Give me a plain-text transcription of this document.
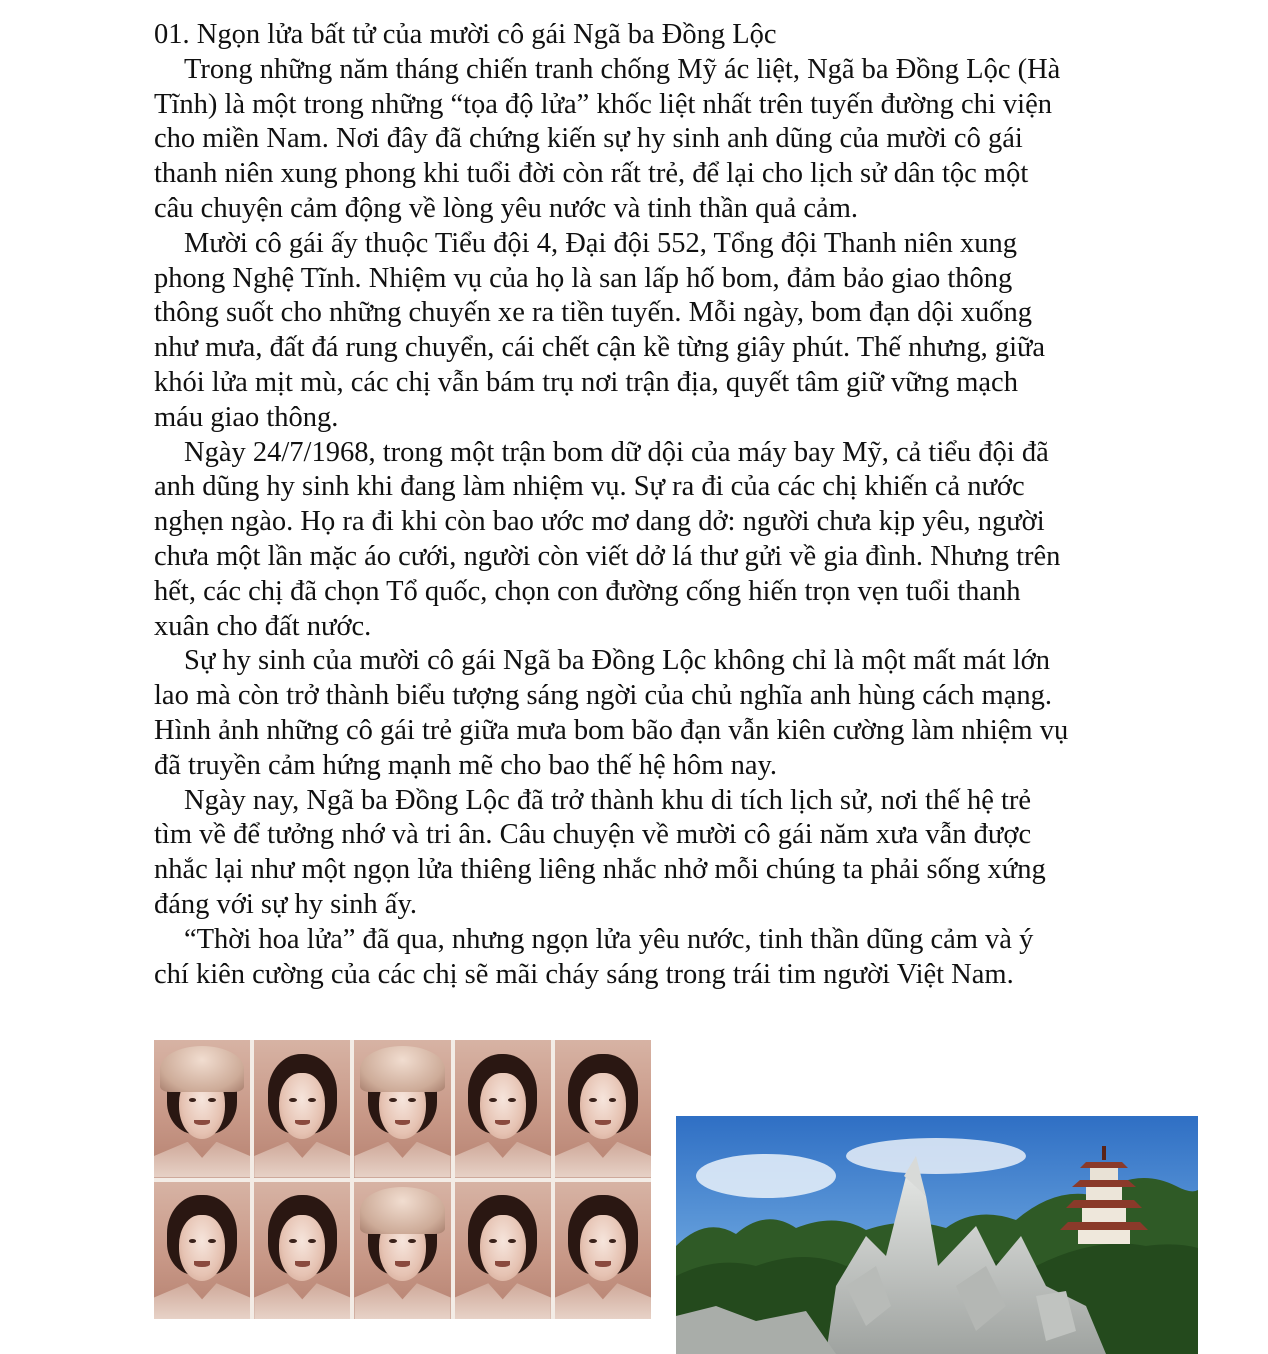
01. Ngọn lửa bất tử của mười cô gái Ngã ba Đồng Lộc

Trong những năm tháng chiến tranh chống Mỹ ác liệt, Ngã ba Đồng Lộc (Hà
Tĩnh) là một trong những “tọa độ lửa” khốc liệt nhất trên tuyến đường chi viện
cho miền Nam. Nơi đây đã chứng kiến sự hy sinh anh dũng của mười cô gái
thanh niên xung phong khi tuổi đời còn rất trẻ, để lại cho lịch sử dân tộc một
câu chuyện cảm động về lòng yêu nước và tinh thần quả cảm.

Mười cô gái ấy thuộc Tiểu đội 4, Đại đội 552, Tổng đội Thanh niên xung
phong Nghệ Tĩnh. Nhiệm vụ của họ là san lấp hố bom, đảm bảo giao thông
thông suốt cho những chuyến xe ra tiền tuyến. Mỗi ngày, bom đạn dội xuống
như mưa, đất đá rung chuyển, cái chết cận kề từng giây phút. Thế nhưng, giữa
khói lửa mịt mù, các chị vẫn bám trụ nơi trận địa, quyết tâm giữ vững mạch
máu giao thông.

Ngày 24/7/1968, trong một trận bom dữ dội của máy bay Mỹ, cả tiểu đội đã
anh dũng hy sinh khi đang làm nhiệm vụ. Sự ra đi của các chị khiến cả nước
nghẹn ngào. Họ ra đi khi còn bao ước mơ dang dở: người chưa kịp yêu, người
chưa một lần mặc áo cưới, người còn viết dở lá thư gửi về gia đình. Nhưng trên
hết, các chị đã chọn Tổ quốc, chọn con đường cống hiến trọn vẹn tuổi thanh
xuân cho đất nước.

Sự hy sinh của mười cô gái Ngã ba Đồng Lộc không chỉ là một mất mát lớn
lao mà còn trở thành biểu tượng sáng ngời của chủ nghĩa anh hùng cách mạng.
Hình ảnh những cô gái trẻ giữa mưa bom bão đạn vẫn kiên cường làm nhiệm vụ
đã truyền cảm hứng mạnh mẽ cho bao thế hệ hôm nay.

Ngày nay, Ngã ba Đồng Lộc đã trở thành khu di tích lịch sử, nơi thế hệ trẻ
tìm về để tưởng nhớ và tri ân. Câu chuyện về mười cô gái năm xưa vẫn được
nhắc lại như một ngọn lửa thiêng liêng nhắc nhở mỗi chúng ta phải sống xứng
đáng với sự hy sinh ấy.

“Thời hoa lửa” đã qua, nhưng ngọn lửa yêu nước, tinh thần dũng cảm và ý
chí kiên cường của các chị sẽ mãi cháy sáng trong trái tim người Việt Nam.
